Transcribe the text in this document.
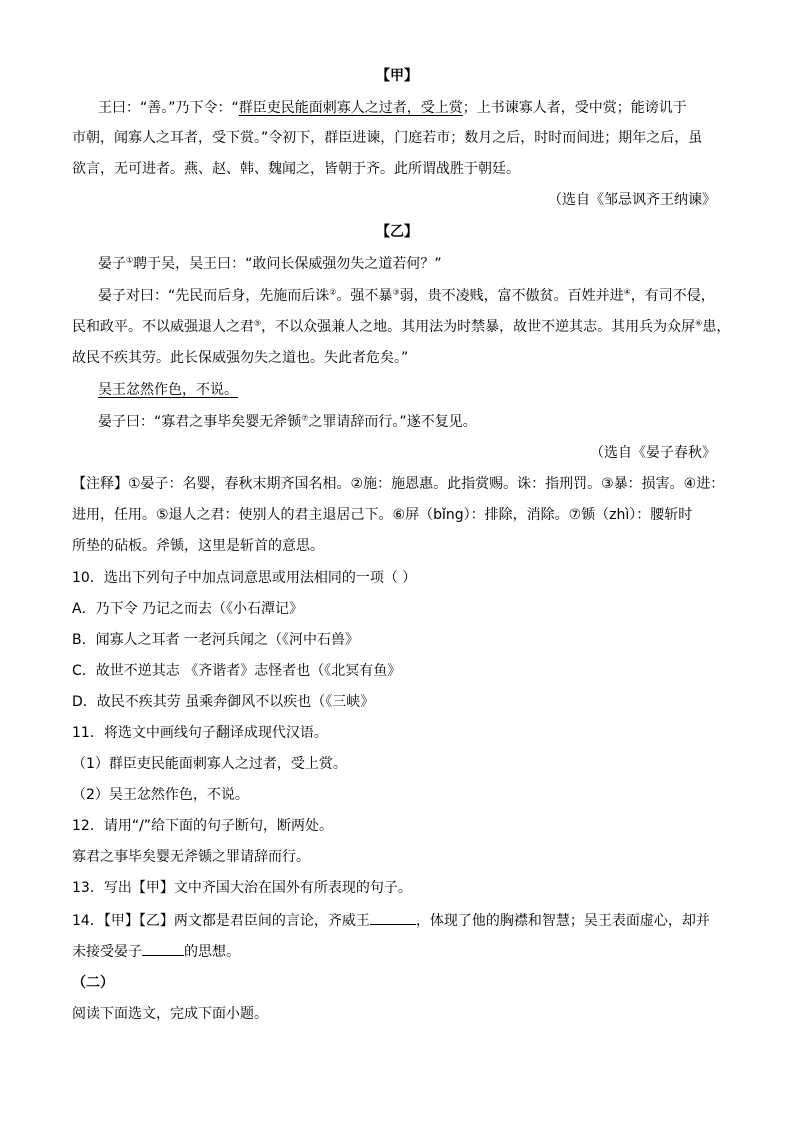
【甲】
王曰：“善。”乃下令：“群臣吏民能面刺寡人之过者，受上赏；上书谏寡人者，受中赏；能谤讥于
市朝，闻寡人之耳者，受下赏。”令初下，群臣进谏，门庭若市；数月之后，时时而间进；期年之后，虽
欲言，无可进者。燕、赵、韩、魏闻之，皆朝于齐。此所谓战胜于朝廷。
（选自《邹忌讽齐王纳谏》
【乙】
晏子①聘于吴，吴王曰：“敢问长保威强勿失之道若何？”
晏子对曰：“先民而后身，先施而后诛②。强不暴③弱，贵不凌贱，富不傲贫。百姓并进④，有司不侵，
民和政平。不以威强退人之君⑤，不以众强兼人之地。其用法为时禁暴，故世不逆其志。其用兵为众屏⑥患，
故民不疾其劳。此长保威强勿失之道也。失此者危矣。”
吴王忿然作色，不说。
晏子曰：“寡君之事毕矣婴无斧锧⑦之罪请辞而行。”遂不复见。
（选自《晏子春秋》
【注释】①晏子：名婴，春秋末期齐国名相。②施：施恩惠。此指赏赐。诛：指刑罚。③暴：损害。④进：
进用，任用。⑤退人之君：使别人的君主退居己下。⑥屏（bǐng）：排除，消除。⑦锧（zhì）：腰斩时
所垫的砧板。斧锧，这里是斩首的意思。
10．选出下列句子中加点词意思或用法相同的一项（ ）
A．乃下令 乃记之而去（《小石潭记》
B．闻寡人之耳者 一老河兵闻之（《河中石兽》
C．故世不逆其志 《齐谐者》志怪者也（《北冥有鱼》
D．故民不疾其劳 虽乘奔御风不以疾也（《三峡》
11．将选文中画线句子翻译成现代汉语。
（1）群臣吏民能面刺寡人之过者，受上赏。
（2）吴王忿然作色，不说。
12．请用“/”给下面的句子断句，断两处。
寡君之事毕矣婴无斧锧之罪请辞而行。
13．写出【甲】文中齐国大治在国外有所表现的句子。
14．【甲】【乙】两文都是君臣间的言论，齐威王	，体现了他的胸襟和智慧；吴王表面虚心，却并
未接受晏子	的思想。
（二）
阅读下面选文，完成下面小题。
